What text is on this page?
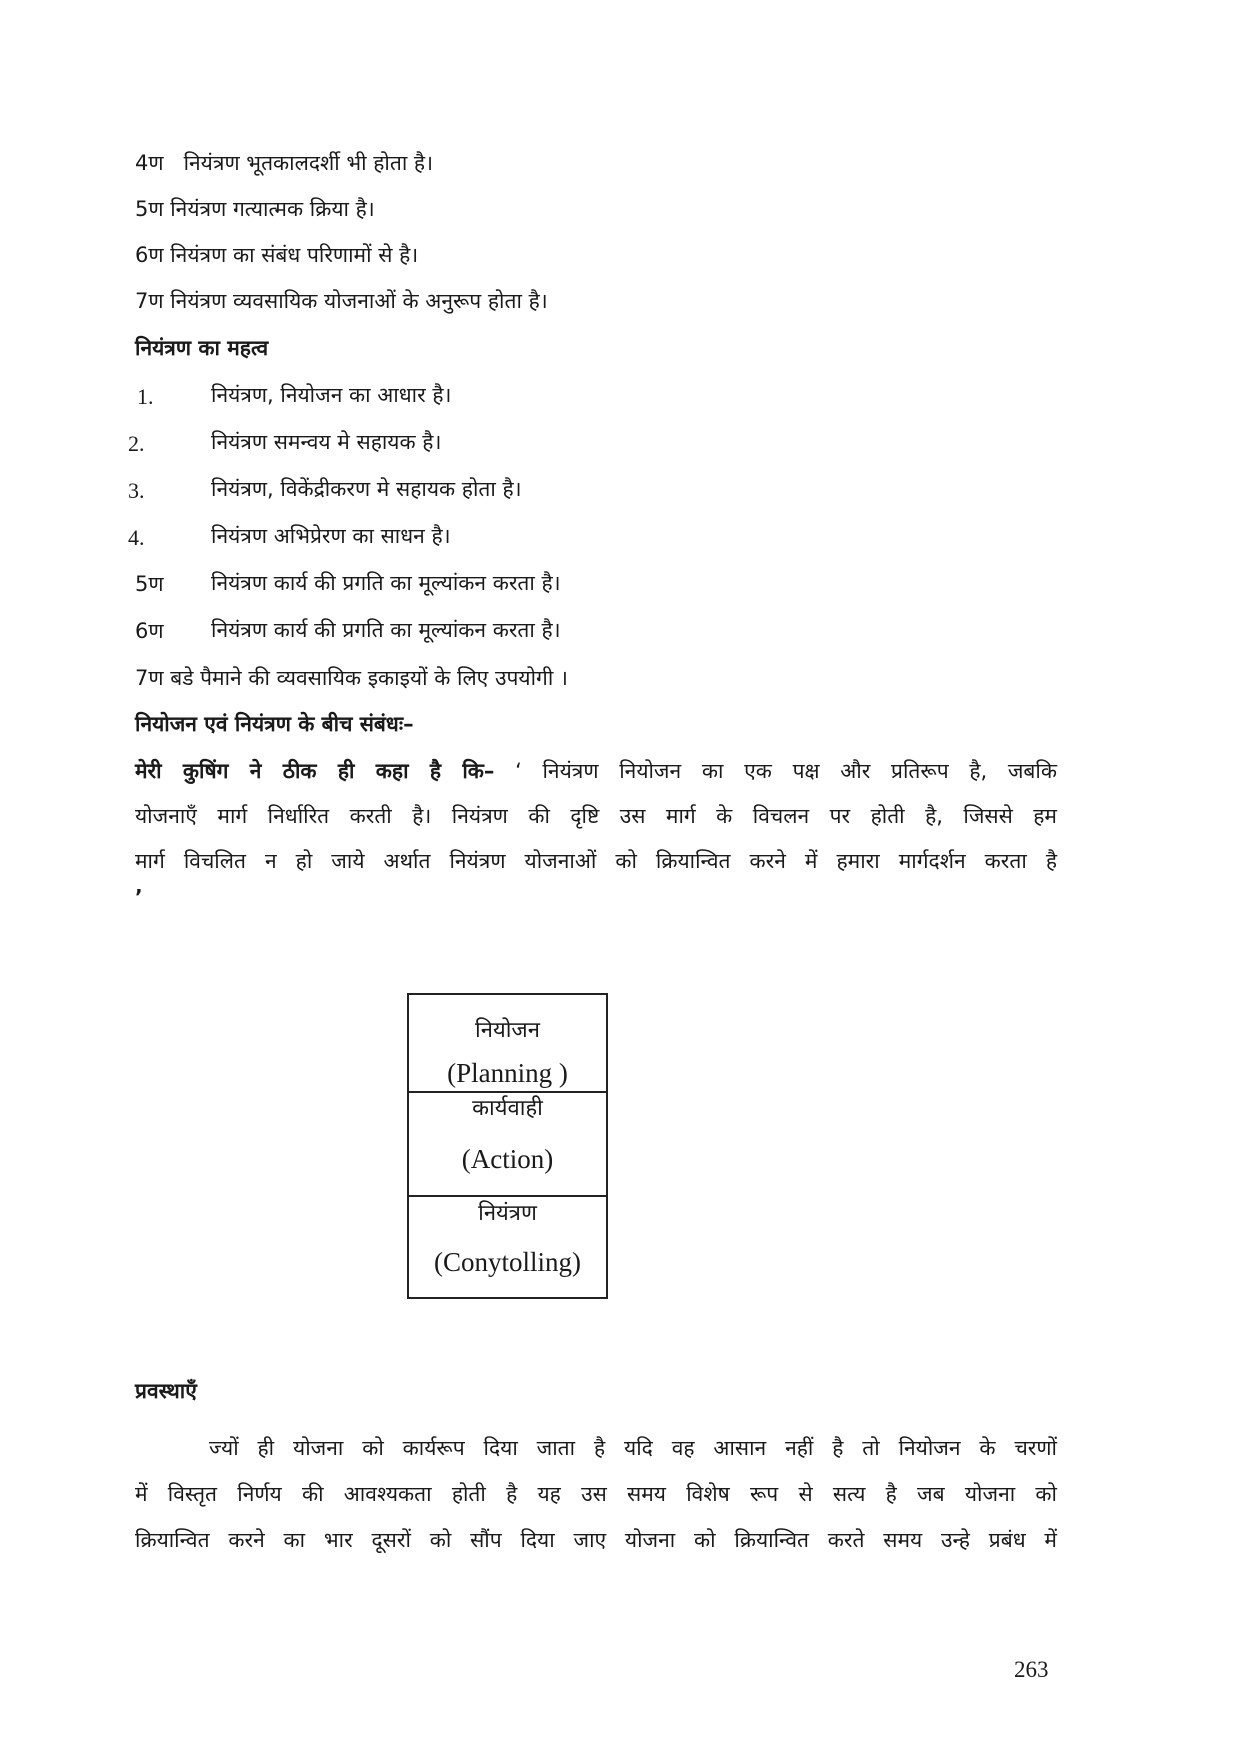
4ण नियंत्रण भूतकालदर्शी भी होता है।
5ण नियंत्रण गत्यात्मक क्रिया है।
6ण नियंत्रण का संबंध परिणामों से है।
7ण नियंत्रण व्यवसायिक योजनाओं के अनुरूप होता है।
नियंत्रण का महत्व
1.	नियंत्रण, नियोजन का आधार है।
2.	नियंत्रण समन्वय मे सहायक है।
3.	नियंत्रण, विकेंद्रीकरण मे सहायक होता है।
4.	नियंत्रण अभिप्रेरण का साधन है।
5ण नियंत्रण कार्य की प्रगति का मूल्यांकन करता है।
6ण नियंत्रण कार्य की प्रगति का मूल्यांकन करता है।
7ण बडे पैमाने की व्यवसायिक इकाइयों के लिए उपयोगी ।
नियोजन एवं नियंत्रण के बीच संबंधः–
मेरी कुषिंग ने ठीक ही कहा है कि– ‘ नियंत्रण नियोजन का एक पक्ष और प्रतिरूप है, जबकि
योजनाएँ मार्ग निर्धारित करती है। नियंत्रण की दृष्टि उस मार्ग के विचलन पर होती है, जिससे हम
मार्ग विचलित न हो जाये अर्थात नियंत्रण योजनाओं को क्रियान्वित करने में हमारा मार्गदर्शन करता है
’
नियोजन
(Planning )
कार्यवाही
(Action)
नियंत्रण
(Conytolling)
प्रवस्थाएँ
ज्यों ही योजना को कार्यरूप दिया जाता है यदि वह आसान नहीं है तो नियोजन के चरणों
में विस्तृत निर्णय की आवश्यकता होती है यह उस समय विशेष रूप से सत्य है जब योजना को
क्रियान्वित करने का भार दूसरों को सौंप दिया जाए योजना को क्रियान्वित करते समय उन्हे प्रबंध में
263
